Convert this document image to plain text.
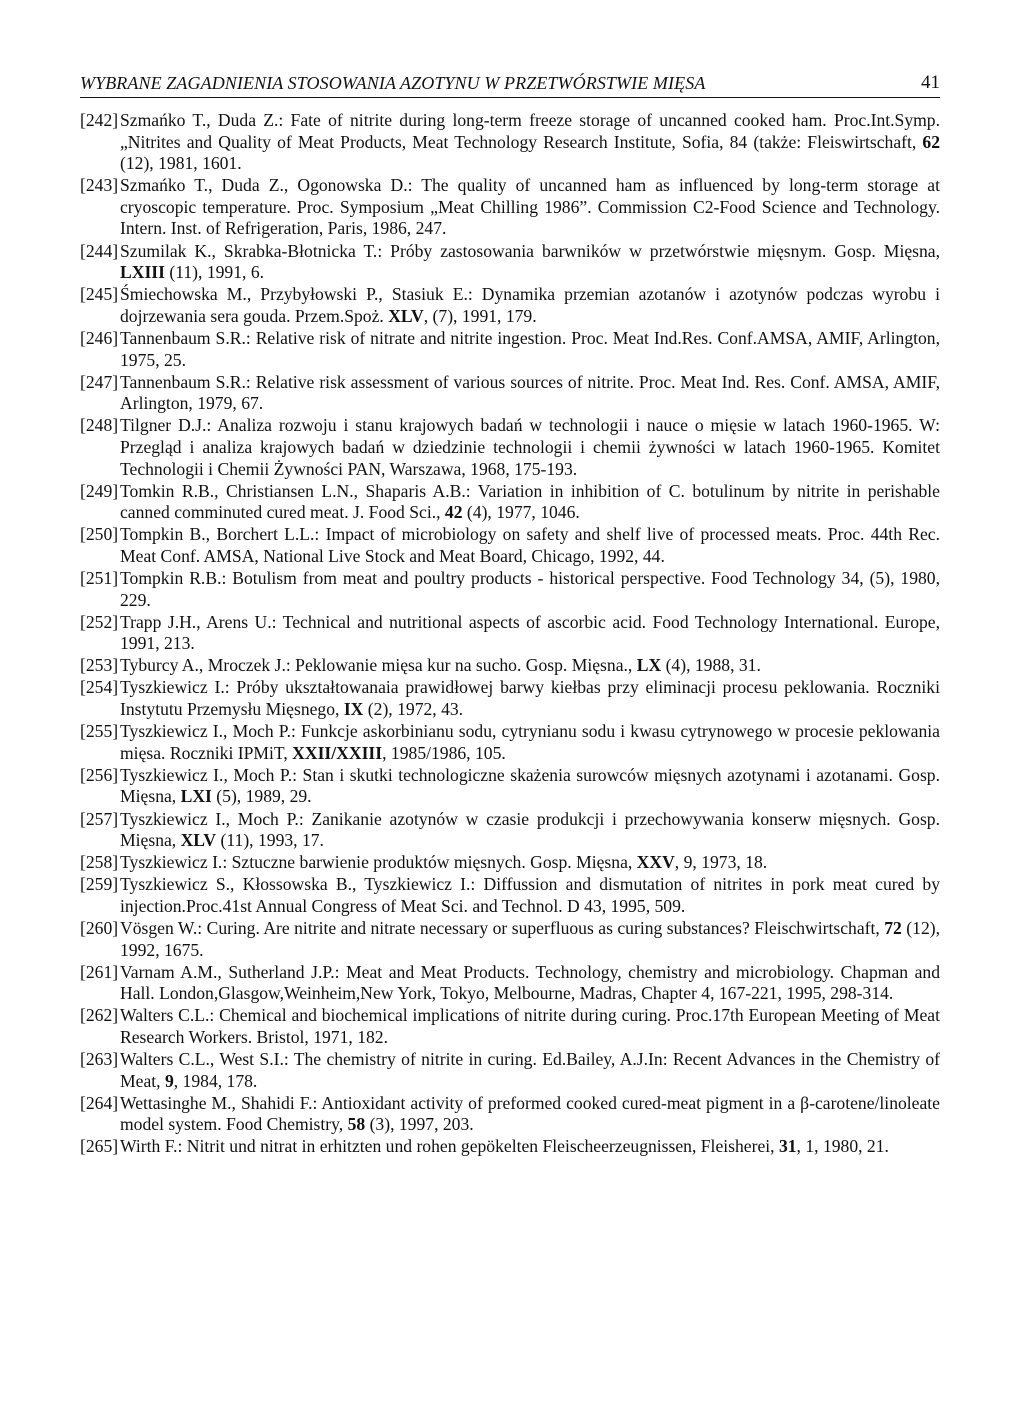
WYBRANE ZAGADNIENIA STOSOWANIA AZOTYNU W PRZETWÓRSTWIE MIĘSA	41
[242] Szmańko T., Duda Z.: Fate of nitrite during long-term freeze storage of uncanned cooked ham. Proc.Int.Symp. „Nitrites and Quality of Meat Products, Meat Technology Research Institute, Sofia, 84 (także: Fleiswirtschaft, 62 (12), 1981, 1601.
[243] Szmańko T., Duda Z., Ogonowska D.: The quality of uncanned ham as influenced by long-term storage at cryoscopic temperature. Proc. Symposium „Meat Chilling 1986”. Commission C2-Food Science and Technology. Intern. Inst. of Refrigeration, Paris, 1986, 247.
[244] Szumilak K., Skrabka-Błotnicka T.: Próby zastosowania barwników w przetwórstwie mięsnym. Gosp. Mięsna, LXIII (11), 1991, 6.
[245] Śmiechowska M., Przybyłowski P., Stasiuk E.: Dynamika przemian azotanów i azotynów podczas wyrobu i dojrzewania sera gouda. Przem.Spoż. XLV, (7), 1991, 179.
[246] Tannenbaum S.R.: Relative risk of nitrate and nitrite ingestion. Proc. Meat Ind.Res. Conf.AMSA, AMIF, Arlington, 1975, 25.
[247] Tannenbaum S.R.: Relative risk assessment of various sources of nitrite. Proc. Meat Ind. Res. Conf. AMSA, AMIF, Arlington, 1979, 67.
[248] Tilgner D.J.: Analiza rozwoju i stanu krajowych badań w technologii i nauce o mięsie w latach 1960-1965. W: Przegląd i analiza krajowych badań w dziedzinie technologii i chemii żywności w latach 1960-1965. Komitet Technologii i Chemii Żywności PAN, Warszawa, 1968, 175-193.
[249] Tomkin R.B., Christiansen L.N., Shaparis A.B.: Variation in inhibition of C. botulinum by nitrite in perishable canned comminuted cured meat. J. Food Sci., 42 (4), 1977, 1046.
[250] Tompkin B., Borchert L.L.: Impact of microbiology on safety and shelf live of processed meats. Proc. 44th Rec. Meat Conf. AMSA, National Live Stock and Meat Board, Chicago, 1992, 44.
[251] Tompkin R.B.: Botulism from meat and poultry products - historical perspective. Food Technology 34, (5), 1980, 229.
[252] Trapp J.H., Arens U.: Technical and nutritional aspects of ascorbic acid. Food Technology International. Europe, 1991, 213.
[253] Tyburcy A., Mroczek J.: Peklowanie mięsa kur na sucho. Gosp. Mięsna., LX (4), 1988, 31.
[254] Tyszkiewicz I.: Próby ukształtowanaia prawidłowej barwy kiełbas przy eliminacji procesu peklowania. Roczniki Instytutu Przemysłu Mięsnego, IX (2), 1972, 43.
[255] Tyszkiewicz I., Moch P.: Funkcje askorbinianu sodu, cytrynianu sodu i kwasu cytrynowego w procesie peklowania mięsa. Roczniki IPMiT, XXII/XXIII, 1985/1986, 105.
[256] Tyszkiewicz I., Moch P.: Stan i skutki technologiczne skażenia surowców mięsnych azotynami i azotanami. Gosp. Mięsna, LXI (5), 1989, 29.
[257] Tyszkiewicz I., Moch P.: Zanikanie azotynów w czasie produkcji i przechowywania konserw mięsnych. Gosp. Mięsna, XLV (11), 1993, 17.
[258] Tyszkiewicz I.: Sztuczne barwienie produktów mięsnych. Gosp. Mięsna, XXV, 9, 1973, 18.
[259] Tyszkiewicz S., Kłossowska B., Tyszkiewicz I.: Diffussion and dismutation of nitrites in pork meat cured by injection.Proc.41st Annual Congress of Meat Sci. and Technol. D 43, 1995, 509.
[260] Vösgen W.: Curing. Are nitrite and nitrate necessary or superfluous as curing substances? Fleischwirtschaft, 72 (12), 1992, 1675.
[261] Varnam A.M., Sutherland J.P.: Meat and Meat Products. Technology, chemistry and microbiology. Chapman and Hall. London,Glasgow,Weinheim,New York, Tokyo, Melbourne, Madras, Chapter 4, 167-221, 1995, 298-314.
[262] Walters C.L.: Chemical and biochemical implications of nitrite during curing. Proc.17th European Meeting of Meat Research Workers. Bristol, 1971, 182.
[263] Walters C.L., West S.I.: The chemistry of nitrite in curing. Ed.Bailey, A.J.In: Recent Advances in the Chemistry of Meat, 9, 1984, 178.
[264] Wettasinghe M., Shahidi F.: Antioxidant activity of preformed cooked cured-meat pigment in a β-carotene/linoleate model system. Food Chemistry, 58 (3), 1997, 203.
[265] Wirth F.: Nitrit und nitrat in erhitzten und rohen gepökelten Fleischeerzeugnissen, Fleisherei, 31, 1, 1980, 21.
